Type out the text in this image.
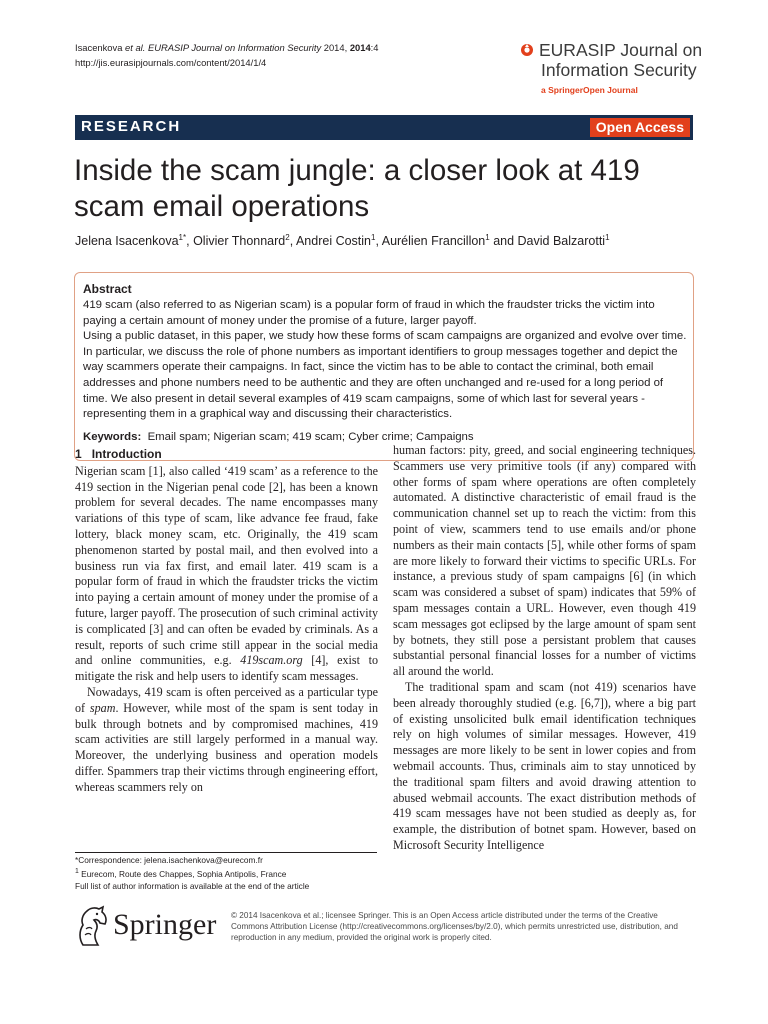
Isacenkova et al. EURASIP Journal on Information Security 2014, 2014:4
http://jis.eurasipjournals.com/content/2014/1/4
EURASIP Journal on
Information Security
a SpringerOpen Journal
RESEARCH	Open Access
Inside the scam jungle: a closer look at 419 scam email operations
Jelena Isacenkova$^{1*}$, Olivier Thonnard$^2$, Andrei Costin$^1$, Aurélien Francillon$^1$ and David Balzarotti$^1$
Abstract

419 scam (also referred to as Nigerian scam) is a popular form of fraud in which the fraudster tricks the victim into paying a certain amount of money under the promise of a future, larger payoff.

Using a public dataset, in this paper, we study how these forms of scam campaigns are organized and evolve over time. In particular, we discuss the role of phone numbers as important identifiers to group messages together and depict the way scammers operate their campaigns. In fact, since the victim has to be able to contact the criminal, both email addresses and phone numbers need to be authentic and they are often unchanged and re-used for a long period of time. We also present in detail several examples of 419 scam campaigns, some of which last for several years - representing them in a graphical way and discussing their characteristics.

Keywords: Email spam; Nigerian scam; 419 scam; Cyber crime; Campaigns
1 Introduction

Nigerian scam [1], also called ‘419 scam’ as a reference to the 419 section in the Nigerian penal code [2], has been a known problem for several decades. The name encompasses many variations of this type of scam, like advance fee fraud, fake lottery, black money scam, etc. Originally, the 419 scam phenomenon started by postal mail, and then evolved into a business run via fax first, and email later. 419 scam is a popular form of fraud in which the fraudster tricks the victim into paying a certain amount of money under the promise of a future, larger payoff. The prosecution of such criminal activity is complicated [3] and can often be evaded by criminals. As a result, reports of such crime still appear in the social media and online communities, e.g. 419scam.org [4], exist to mitigate the risk and help users to identify scam messages.

Nowadays, 419 scam is often perceived as a particular type of spam. However, while most of the spam is sent today in bulk through botnets and by compromised machines, 419 scam activities are still largely performed in a manual way. Moreover, the underlying business and operation models differ. Spammers trap their victims through engineering effort, whereas scammers rely on

human factors: pity, greed, and social engineering techniques. Scammers use very primitive tools (if any) compared with other forms of spam where operations are often completely automated. A distinctive characteristic of email fraud is the communication channel set up to reach the victim: from this point of view, scammers tend to use emails and/or phone numbers as their main contacts [5], while other forms of spam are more likely to forward their victims to specific URLs. For instance, a previous study of spam campaigns [6] (in which scam was considered a subset of spam) indicates that 59% of spam messages contain a URL. However, even though 419 scam messages got eclipsed by the large amount of spam sent by botnets, they still pose a persistant problem that causes substantial personal financial losses for a number of victims all around the world.

The traditional spam and scam (not 419) scenarios have been already thoroughly studied (e.g. [6,7]), where a big part of existing unsolicited bulk email identification techniques rely on high volumes of similar messages. However, 419 messages are more likely to be sent in lower copies and from webmail accounts. Thus, criminals aim to stay unnoticed by the traditional spam filters and avoid drawing attention to abused webmail accounts. The exact distribution methods of 419 scam messages have not been studied as deeply as, for example, the distribution of botnet spam. However, based on Microsoft Security Intelligence

*Correspondence: jelena.isachenkova@eurecom.fr
$^1$ Eurecom, Route des Chappes, Sophia Antipolis, France
Full list of author information is available at the end of the article
Springer © 2014 Isacenkova et al.; licensee Springer. This is an Open Access article distributed under the terms of the Creative Commons Attribution License (http://creativecommons.org/licenses/by/2.0), which permits unrestricted use, distribution, and reproduction in any medium, provided the original work is properly cited.
